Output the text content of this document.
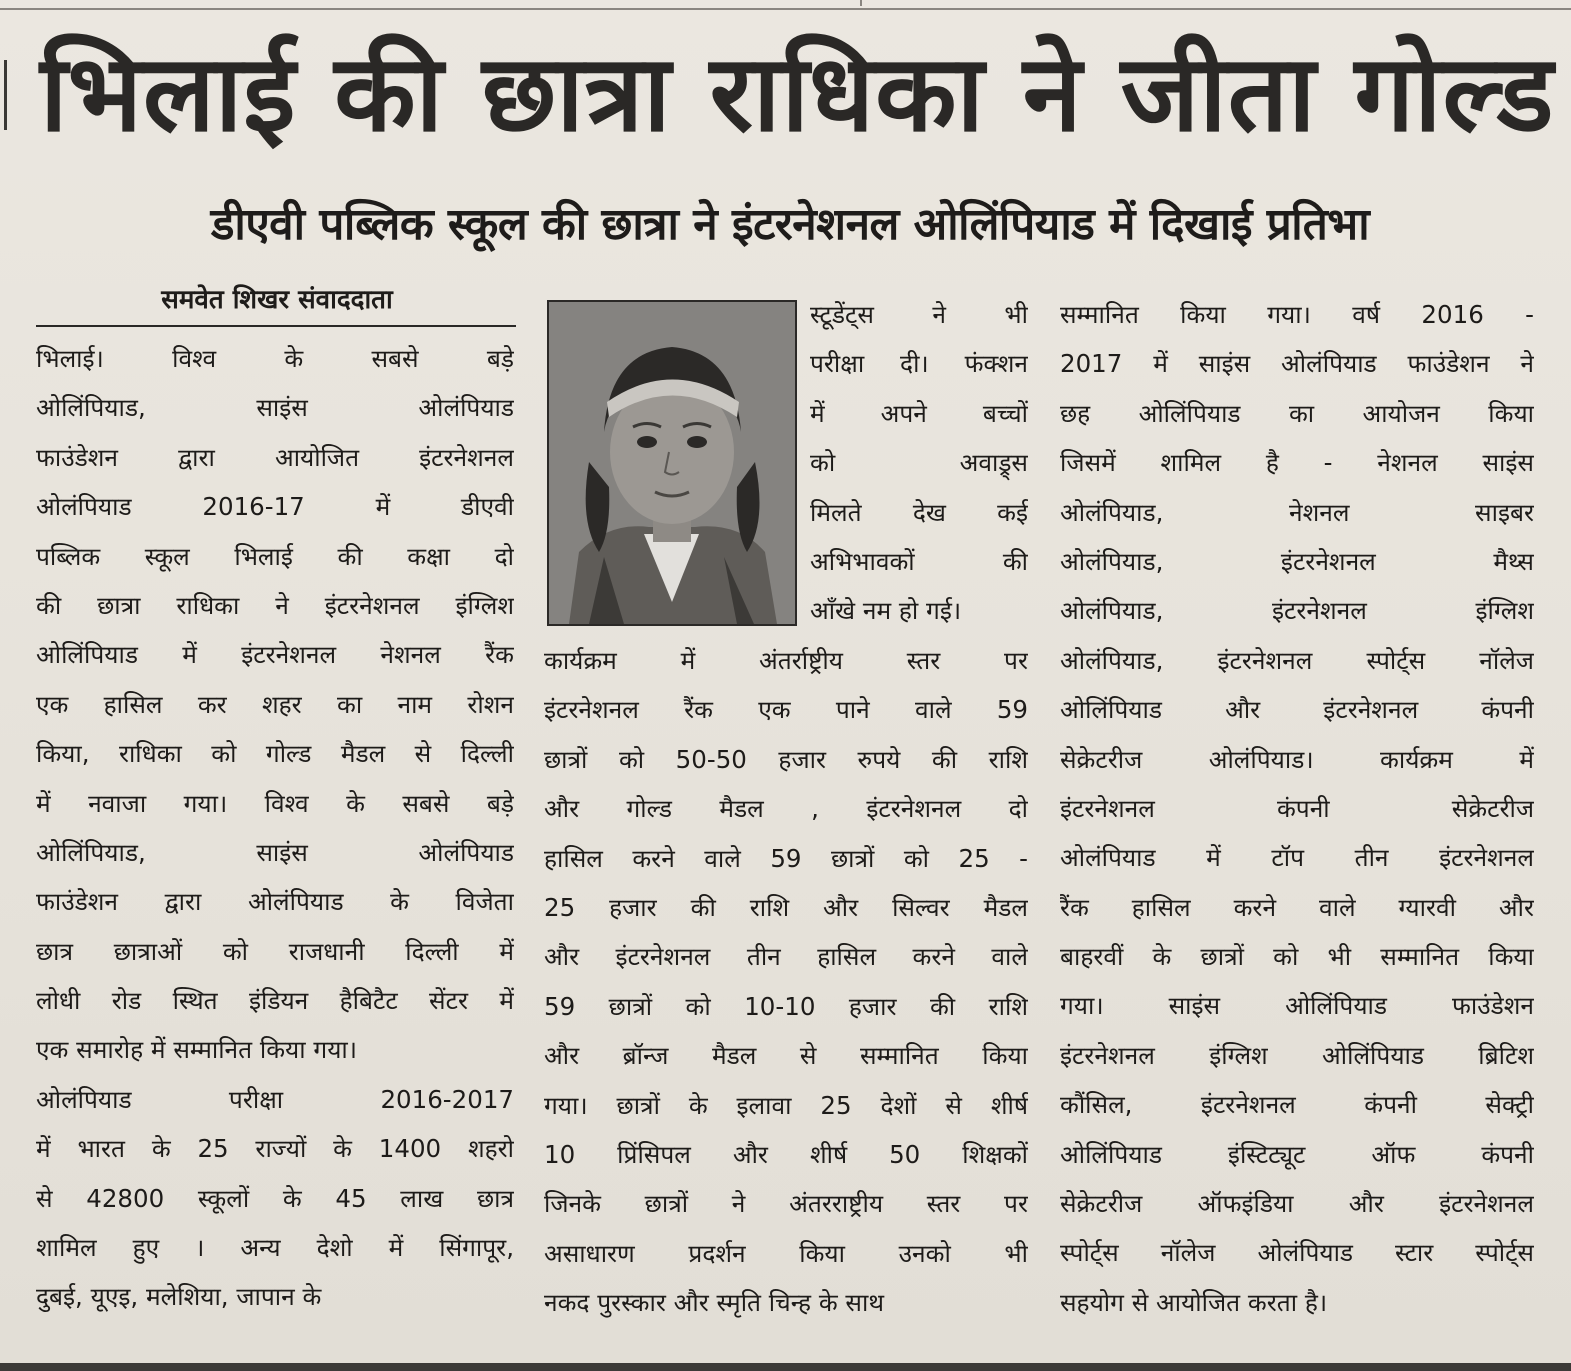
भिलाई की छात्रा राधिका ने जीता गोल्ड
डीएवी पब्लिक स्कूल की छात्रा ने इंटरनेशनल ओलिंपियाड में दिखाई प्रतिभा
समवेत शिखर संवाददाता
भिलाई। विश्व के सबसे बड़े
ओलिंपियाड, साइंस ओलंपियाड
फाउंडेशन द्वारा आयोजित इंटरनेशनल
ओलंपियाड 2016-17 में डीएवी
पब्लिक स्कूल भिलाई की कक्षा दो
की छात्रा राधिका ने इंटरनेशनल इंग्लिश
ओलिंपियाड में इंटरनेशनल नेशनल रैंक
एक हासिल कर शहर का नाम रोशन
किया, राधिका को गोल्ड मैडल से दिल्ली
में नवाजा गया। विश्व के सबसे बड़े
ओलिंपियाड, साइंस ओलंपियाड
फाउंडेशन द्वारा ओलंपियाड के विजेता
छात्र छात्राओं को राजधानी दिल्ली में
लोधी रोड स्थित इंडियन हैबिटैट सेंटर में
एक समारोह में सम्मानित किया गया।
ओलंपियाड परीक्षा 2016-2017
में भारत के 25 राज्यों के 1400 शहरो
से 42800 स्कूलों के 45 लाख छात्र
शामिल हुए । अन्य देशो में सिंगापूर,
दुबई, यूएइ, मलेशिया, जापान के
स्टूडेंट्स ने भी
परीक्षा दी। फंक्शन
में अपने बच्चों
को अवाड्र्स
मिलते देख कई
अभिभावकों की
आँखे नम हो गई।
कार्यक्रम में अंतर्राष्ट्रीय स्तर पर
इंटरनेशनल रैंक एक पाने वाले 59
छात्रों को 50-50 हजार रुपये की राशि
और गोल्ड मैडल , इंटरनेशनल दो
हासिल करने वाले 59 छात्रों को 25 -
25 हजार की राशि और सिल्वर मैडल
और इंटरनेशनल तीन हासिल करने वाले
59 छात्रों को 10-10 हजार की राशि
और ब्रॉन्ज मैडल से सम्मानित किया
गया। छात्रों के इलावा 25 देशों से शीर्ष
10 प्रिंसिपल और शीर्ष 50 शिक्षकों
जिनके छात्रों ने अंतरराष्ट्रीय स्तर पर
असाधारण प्रदर्शन किया उनको भी
नकद पुरस्कार और स्मृति चिन्ह के साथ
सम्मानित किया गया। वर्ष 2016 -
2017 में साइंस ओलंपियाड फाउंडेशन ने
छह ओलिंपियाड का आयोजन किया
जिसमें शामिल है - नेशनल साइंस
ओलंपियाड, नेशनल साइबर
ओलंपियाड, इंटरनेशनल मैथ्स
ओलंपियाड, इंटरनेशनल इंग्लिश
ओलंपियाड, इंटरनेशनल स्पोर्ट्स नॉलेज
ओलिंपियाड और इंटरनेशनल कंपनी
सेक्रेटरीज ओलंपियाड। कार्यक्रम में
इंटरनेशनल कंपनी सेक्रेटरीज
ओलंपियाड में टॉप तीन इंटरनेशनल
रैंक हासिल करने वाले ग्यारवी और
बाहरवीं के छात्रों को भी सम्मानित किया
गया। साइंस ओलिंपियाड फाउंडेशन
इंटरनेशनल इंग्लिश ओलिंपियाड ब्रिटिश
कौंसिल, इंटरनेशनल कंपनी सेक्ट्री
ओलिंपियाड इंस्टिट्यूट ऑफ कंपनी
सेक्रेटरीज ऑफइंडिया और इंटरनेशनल
स्पोर्ट्स नॉलेज ओलंपियाड स्टार स्पोर्ट्स
सहयोग से आयोजित करता है।
